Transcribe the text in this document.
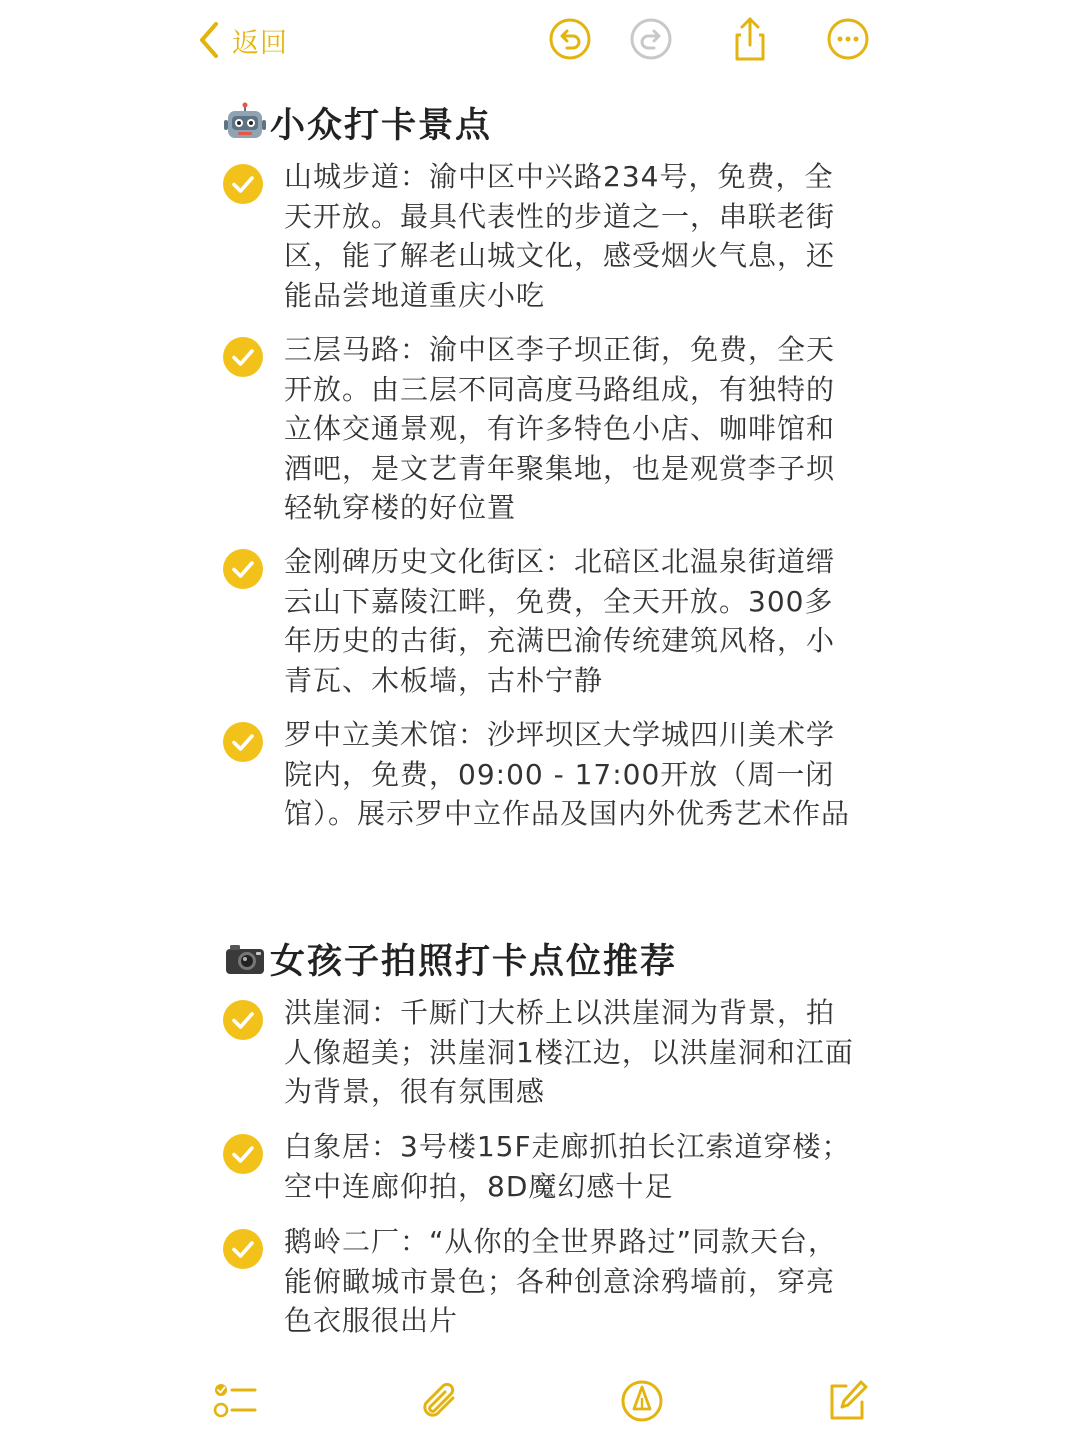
返回
小众打卡景点
山城步道：渝中区中兴路234号，免费，全天开放。最具代表性的步道之一，串联老街区，能了解老山城文化，感受烟火气息，还能品尝地道重庆小吃
三层马路：渝中区李子坝正街，免费，全天开放。由三层不同高度马路组成，有独特的立体交通景观，有许多特色小店、咖啡馆和酒吧，是文艺青年聚集地，也是观赏李子坝轻轨穿楼的好位置
金刚碑历史文化街区：北碚区北温泉街道缙云山下嘉陵江畔，免费，全天开放。300多年历史的古街，充满巴渝传统建筑风格，小青瓦、木板墙，古朴宁静
罗中立美术馆：沙坪坝区大学城四川美术学院内，免费，09:00 - 17:00开放（周一闭馆）。展示罗中立作品及国内外优秀艺术作品
女孩子拍照打卡点位推荐
洪崖洞：千厮门大桥上以洪崖洞为背景，拍人像超美；洪崖洞1楼江边，以洪崖洞和江面为背景，很有氛围感
白象居：3号楼15F走廊抓拍长江索道穿楼；空中连廊仰拍，8D魔幻感十足
鹅岭二厂：“从你的全世界路过”同款天台，能俯瞰城市景色；各种创意涂鸦墙前，穿亮色衣服很出片
